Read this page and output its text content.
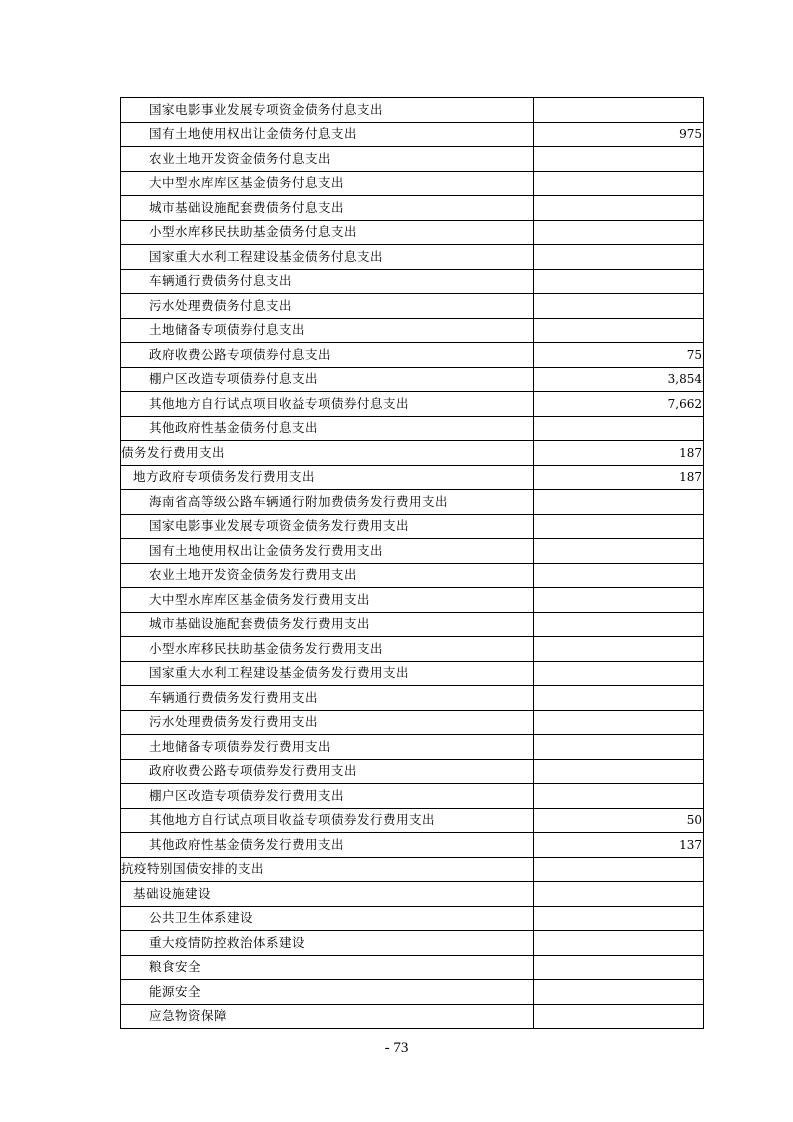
国家电影事业发展专项资金债务付息支出	
国有土地使用权出让金债务付息支出	975
农业土地开发资金债务付息支出	
大中型水库库区基金债务付息支出	
城市基础设施配套费债务付息支出	
小型水库移民扶助基金债务付息支出	
国家重大水利工程建设基金债务付息支出	
车辆通行费债务付息支出	
污水处理费债务付息支出	
土地储备专项债券付息支出	
政府收费公路专项债券付息支出	75
棚户区改造专项债券付息支出	3,854
其他地方自行试点项目收益专项债券付息支出	7,662
其他政府性基金债务付息支出	
债务发行费用支出	187
地方政府专项债务发行费用支出	187
海南省高等级公路车辆通行附加费债务发行费用支出	
国家电影事业发展专项资金债务发行费用支出	
国有土地使用权出让金债务发行费用支出	
农业土地开发资金债务发行费用支出	
大中型水库库区基金债务发行费用支出	
城市基础设施配套费债务发行费用支出	
小型水库移民扶助基金债务发行费用支出	
国家重大水利工程建设基金债务发行费用支出	
车辆通行费债务发行费用支出	
污水处理费债务发行费用支出	
土地储备专项债券发行费用支出	
政府收费公路专项债券发行费用支出	
棚户区改造专项债券发行费用支出	
其他地方自行试点项目收益专项债券发行费用支出	50
其他政府性基金债务发行费用支出	137
抗疫特别国债安排的支出	
基础设施建设	
公共卫生体系建设	
重大疫情防控救治体系建设	
粮食安全	
能源安全	
应急物资保障	
- 73
